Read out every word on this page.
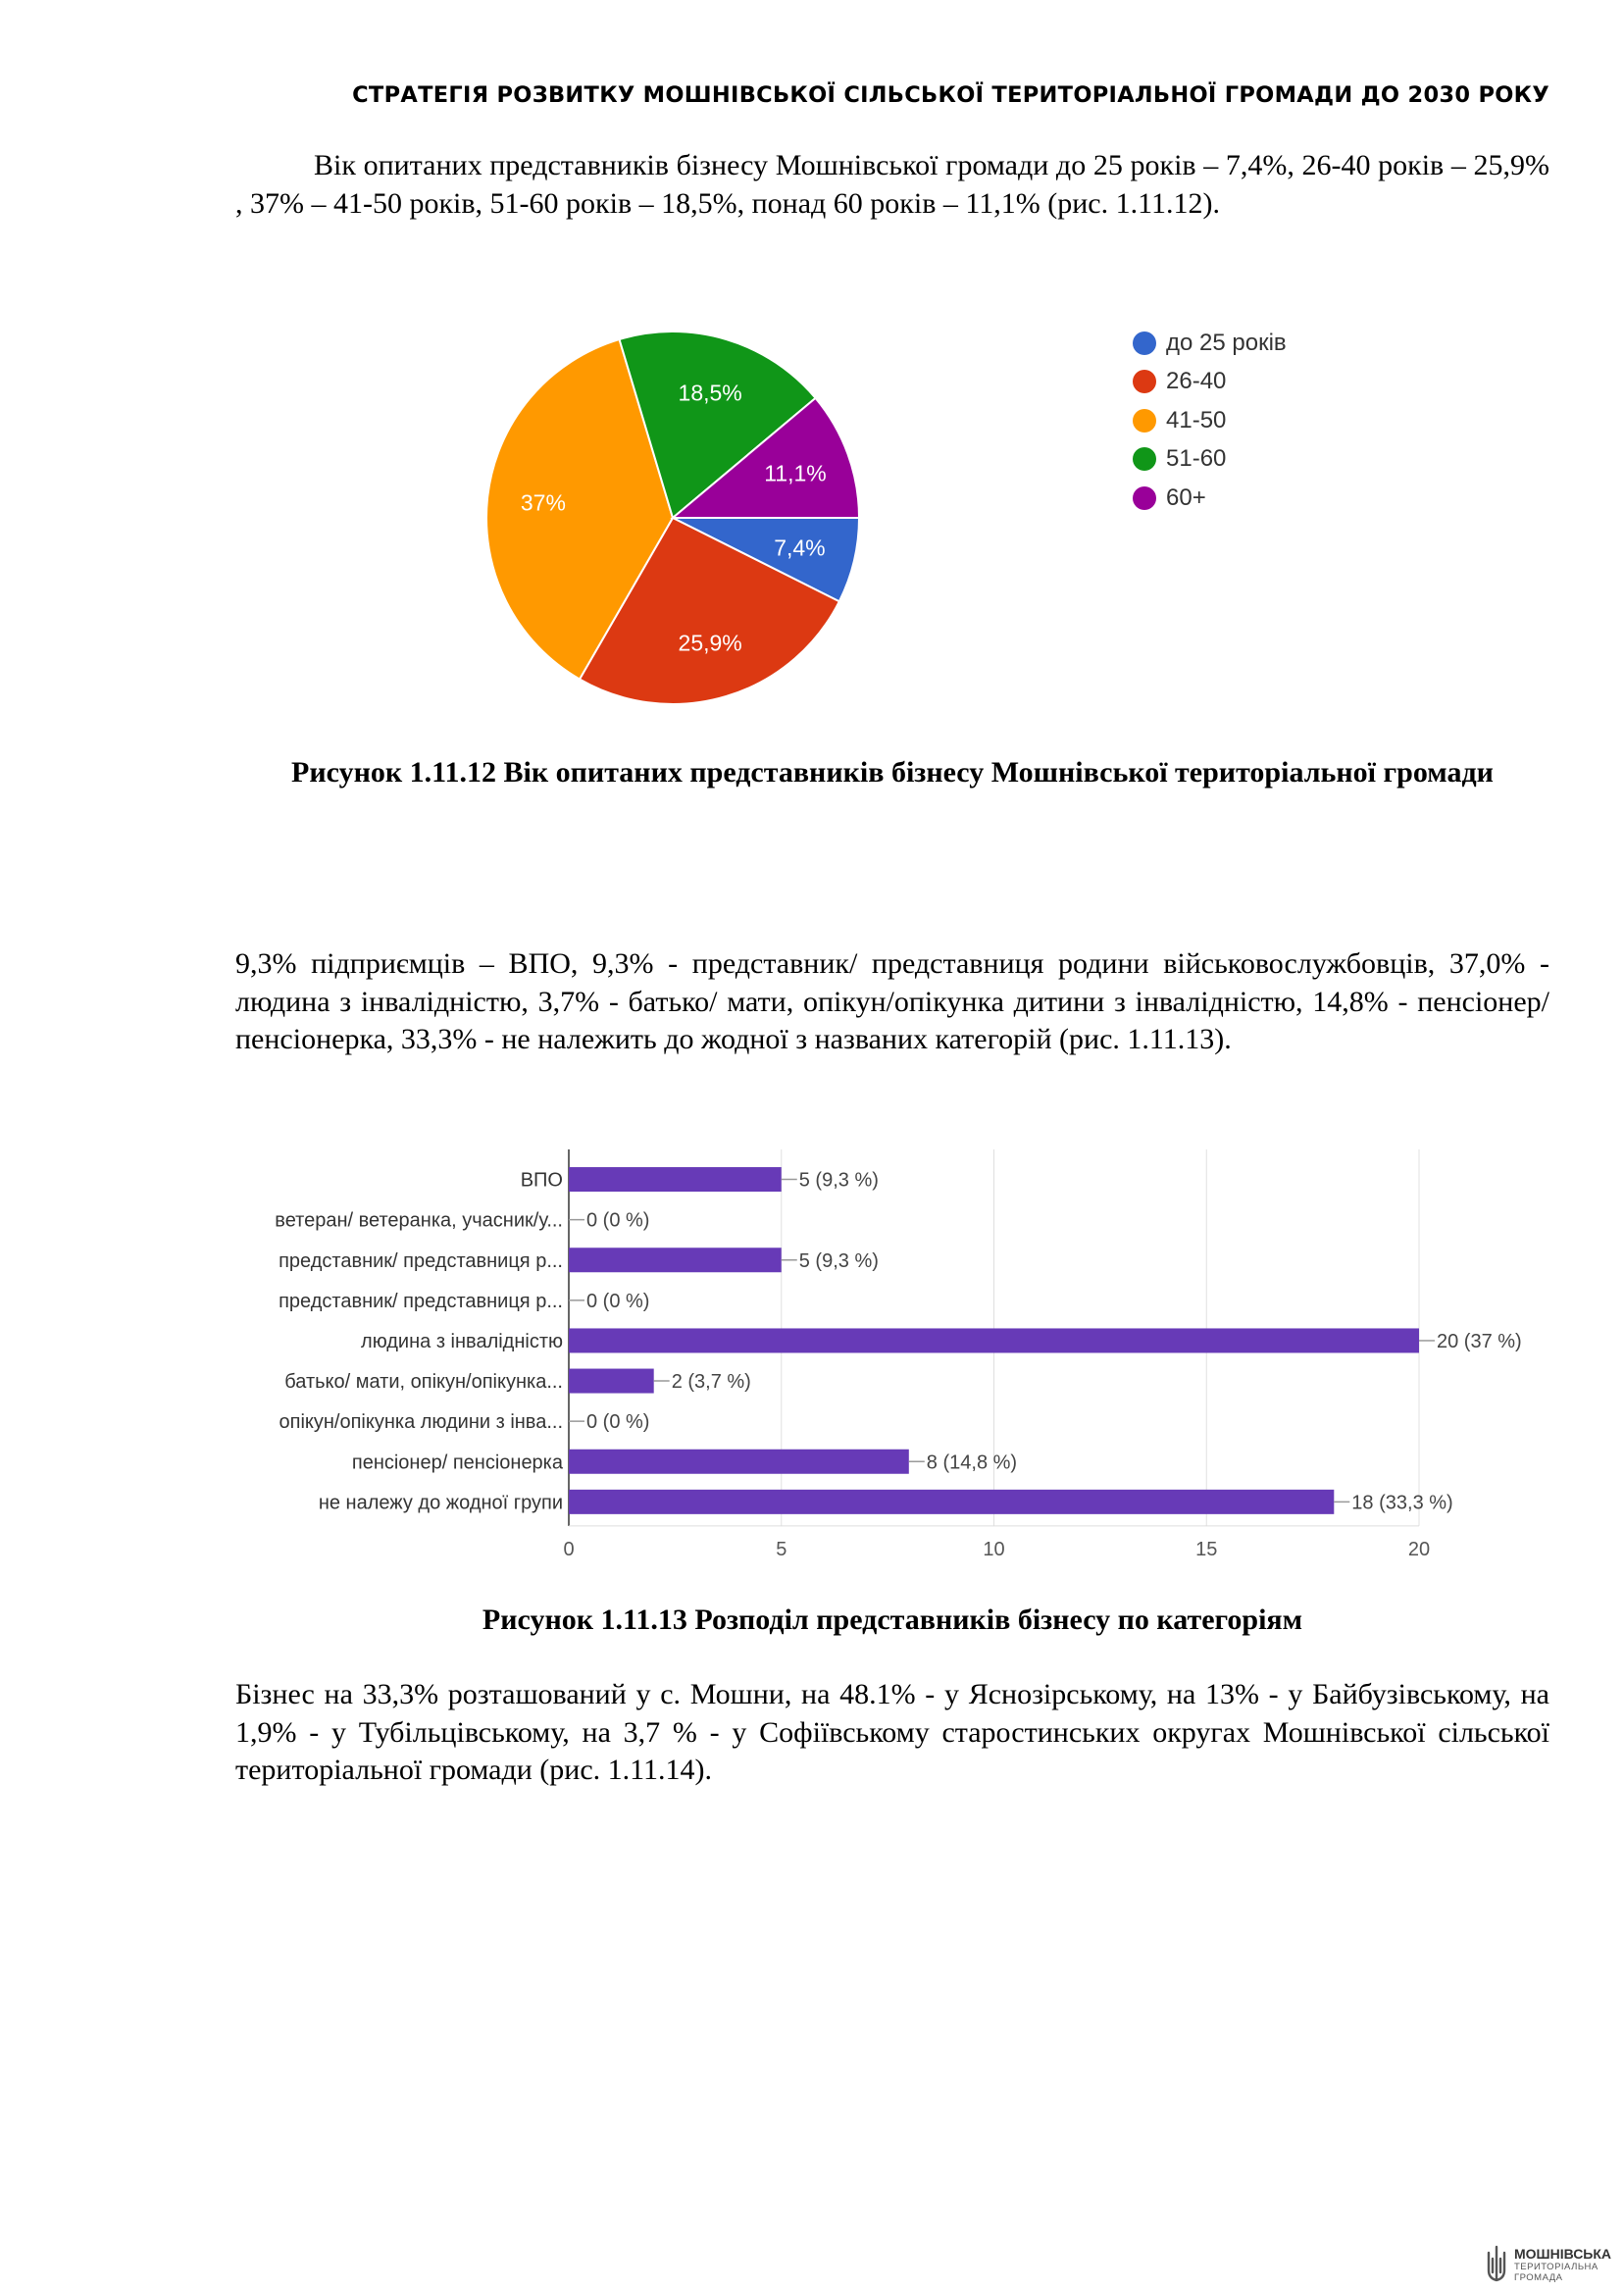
СТРАТЕГІЯ РОЗВИТКУ МОШНІВСЬКОЇ СІЛЬСЬКОЇ ТЕРИТОРІАЛЬНОЇ ГРОМАДИ ДО 2030 РОКУ

Вік опитаних представників бізнесу Мошнівської громади до 25 років – 7,4%, 26-40 років – 25,9% , 37% – 41-50 років, 51-60 років – 18,5%, понад 60 років – 11,1% (рис. 1.11.12).

7,4%
25,9%
37%
18,5%
11,1%
до 25 років
26-40
41-50
51-60
60+

Рисунок 1.11.12 Вік опитаних представників бізнесу Мошнівської територіальної громади

9,3% підприємців – ВПО, 9,3% - представник/ представниця родини військовослужбовців, 37,0% - людина з інвалідністю, 3,7% - батько/ мати, опікун/опікунка дитини з інвалідністю, 14,8% - пенсіонер/ пенсіонерка, 33,3% - не належить до жодної з названих категорій (рис. 1.11.13).

0	5	10	15	20
ВПО	5 (9,3 %)
ветеран/ ветеранка, учасник/у... 0 (0 %)
представник/ представниця р...	5 (9,3 %)
представник/ представниця р... 0 (0 %)
людина з інвалідністю	20 (37 %)
батько/ мати, опікун/опікунка...	2 (3,7 %)
опікун/опікунка людини з інва... 0 (0 %)
пенсіонер/ пенсіонерка	8 (14,8 %)
не належу до жодної групи	18 (33,3 %)

Рисунок 1.11.13 Розподіл представників бізнесу по категоріям

Бізнес на 33,3% розташований у с. Мошни, на 48.1% - у Яснозірському, на 13% - у Байбузівському, на 1,9% - у Тубільцівському, на 3,7 % - у Софіївському старостинських округах Мошнівської сільської територіальної громади (рис. 1.11.14).

МОШНІВСЬКА
ТЕРИТОРІАЛЬНА
ГРОМАДА
